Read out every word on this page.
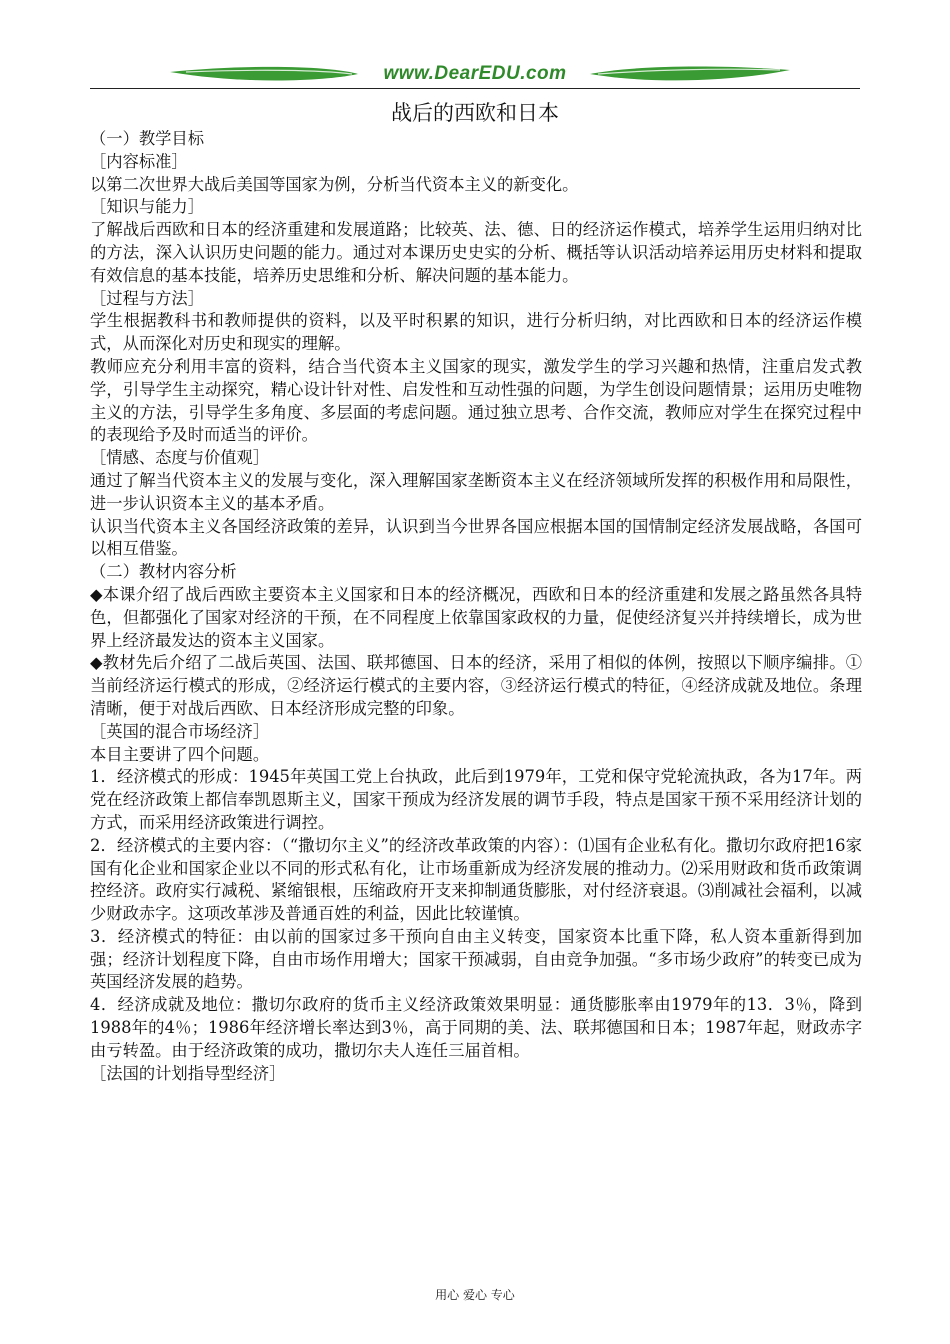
www.DearEDU.com
战后的西欧和日本

（一）教学目标

［内容标准］

以第二次世界大战后美国等国家为例，分析当代资本主义的新变化。

［知识与能力］

了解战后西欧和日本的经济重建和发展道路；比较英、法、德、日的经济运作模式，培养学生运用归纳对比的方法，深入认识历史问题的能力。通过对本课历史史实的分析、概括等认识活动培养运用历史材料和提取有效信息的基本技能，培养历史思维和分析、解决问题的基本能力。

［过程与方法］

学生根据教科书和教师提供的资料，以及平时积累的知识，进行分析归纳，对比西欧和日本的经济运作模式，从而深化对历史和现实的理解。

教师应充分利用丰富的资料，结合当代资本主义国家的现实，激发学生的学习兴趣和热情，注重启发式教学，引导学生主动探究，精心设计针对性、启发性和互动性强的问题，为学生创设问题情景；运用历史唯物主义的方法，引导学生多角度、多层面的考虑问题。通过独立思考、合作交流，教师应对学生在探究过程中的表现给予及时而适当的评价。

［情感、态度与价值观］

通过了解当代资本主义的发展与变化，深入理解国家垄断资本主义在经济领域所发挥的积极作用和局限性，进一步认识资本主义的基本矛盾。

认识当代资本主义各国经济政策的差异，认识到当今世界各国应根据本国的国情制定经济发展战略，各国可以相互借鉴。

（二）教材内容分析

◆本课介绍了战后西欧主要资本主义国家和日本的经济概况，西欧和日本的经济重建和发展之路虽然各具特色，但都强化了国家对经济的干预，在不同程度上依靠国家政权的力量，促使经济复兴并持续增长，成为世界上经济最发达的资本主义国家。

◆教材先后介绍了二战后英国、法国、联邦德国、日本的经济，采用了相似的体例，按照以下顺序编排。①当前经济运行模式的形成，②经济运行模式的主要内容，③经济运行模式的特征，④经济成就及地位。条理清晰，便于对战后西欧、日本经济形成完整的印象。

［英国的混合市场经济］

本目主要讲了四个问题。

1．经济模式的形成：1945年英国工党上台执政，此后到1979年，工党和保守党轮流执政，各为17年。两党在经济政策上都信奉凯恩斯主义，国家干预成为经济发展的调节手段，特点是国家干预不采用经济计划的方式，而采用经济政策进行调控。

2．经济模式的主要内容：（“撒切尔主义”的经济改革政策的内容）：⑴国有企业私有化。撒切尔政府把16家国有化企业和国家企业以不同的形式私有化，让市场重新成为经济发展的推动力。⑵采用财政和货币政策调控经济。政府实行减税、紧缩银根，压缩政府开支来抑制通货膨胀，对付经济衰退。⑶削减社会福利，以减少财政赤字。这项改革涉及普通百姓的利益，因此比较谨慎。

3．经济模式的特征：由以前的国家过多干预向自由主义转变，国家资本比重下降，私人资本重新得到加强；经济计划程度下降，自由市场作用增大；国家干预减弱，自由竞争加强。“多市场少政府”的转变已成为英国经济发展的趋势。

4．经济成就及地位：撒切尔政府的货币主义经济政策效果明显：通货膨胀率由1979年的13．3％，降到1988年的4％；1986年经济增长率达到3％，高于同期的美、法、联邦德国和日本；1987年起，财政赤字由亏转盈。由于经济政策的成功，撒切尔夫人连任三届首相。

［法国的计划指导型经济］

用心 爱心 专心
